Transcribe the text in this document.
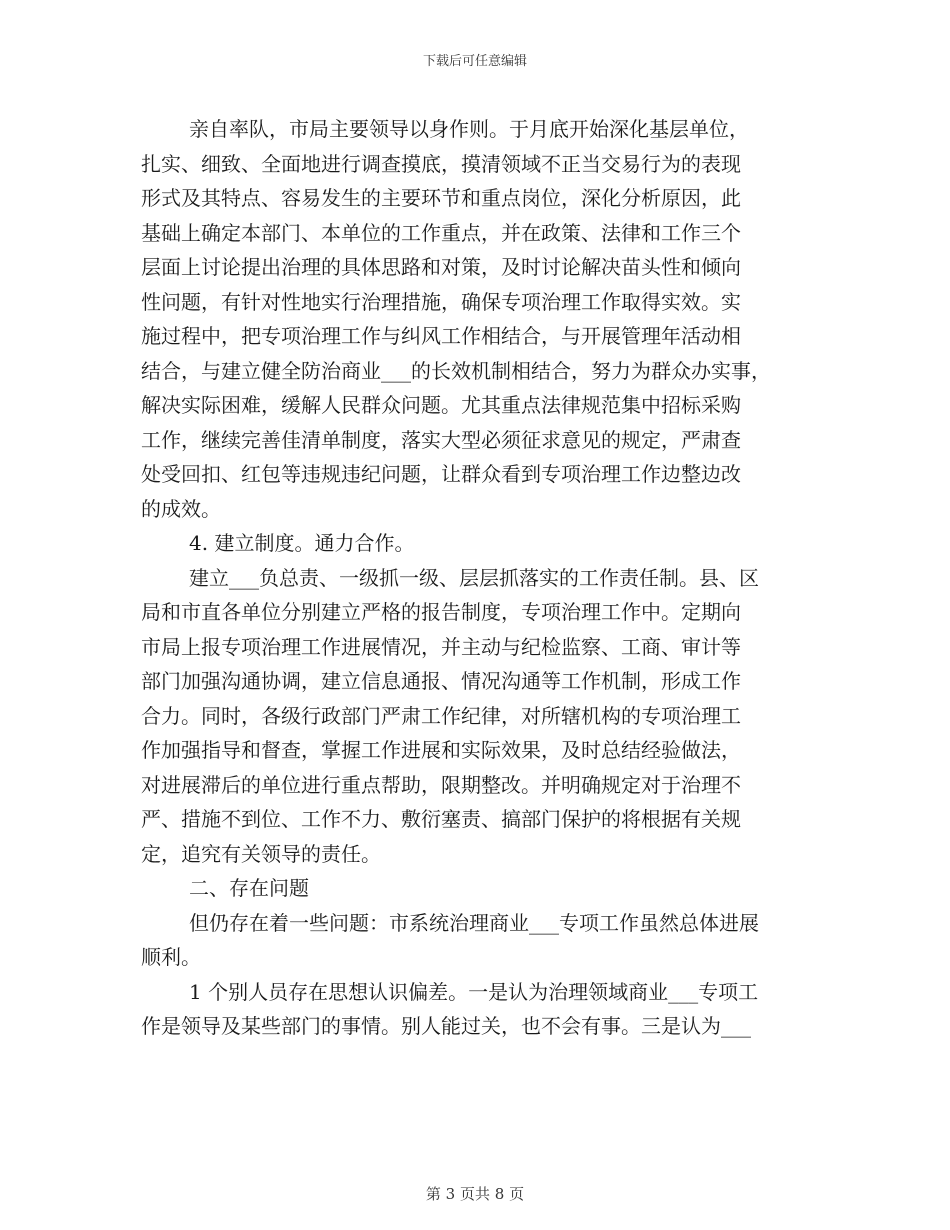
下载后可任意编辑
亲自率队，市局主要领导以身作则。于月底开始深化基层单位，
扎实、细致、全面地进行调查摸底，摸清领域不正当交易行为的表现
形式及其特点、容易发生的主要环节和重点岗位，深化分析原因，此
基础上确定本部门、本单位的工作重点，并在政策、法律和工作三个
层面上讨论提出治理的具体思路和对策，及时讨论解决苗头性和倾向
性问题，有针对性地实行治理措施，确保专项治理工作取得实效。实
施过程中，把专项治理工作与纠风工作相结合，与开展管理年活动相
结合，与建立健全防治商业___的长效机制相结合，努力为群众办实事，
解决实际困难，缓解人民群众问题。尤其重点法律规范集中招标采购
工作，继续完善佳清单制度，落实大型必须征求意见的规定，严肃查
处受回扣、红包等违规违纪问题，让群众看到专项治理工作边整边改
的成效。
4. 建立制度。通力合作。
建立___负总责、一级抓一级、层层抓落实的工作责任制。县、区
局和市直各单位分别建立严格的报告制度，专项治理工作中。定期向
市局上报专项治理工作进展情况，并主动与纪检监察、工商、审计等
部门加强沟通协调，建立信息通报、情况沟通等工作机制，形成工作
合力。同时，各级行政部门严肃工作纪律，对所辖机构的专项治理工
作加强指导和督查，掌握工作进展和实际效果，及时总结经验做法，
对进展滞后的单位进行重点帮助，限期整改。并明确规定对于治理不
严、措施不到位、工作不力、敷衍塞责、搞部门保护的将根据有关规
定，追究有关领导的责任。
二、存在问题
但仍存在着一些问题：市系统治理商业___专项工作虽然总体进展
顺利。
1 个别人员存在思想认识偏差。一是认为治理领域商业___专项工
作是领导及某些部门的事情。别人能过关，也不会有事。三是认为___
第 3 页共 8 页
